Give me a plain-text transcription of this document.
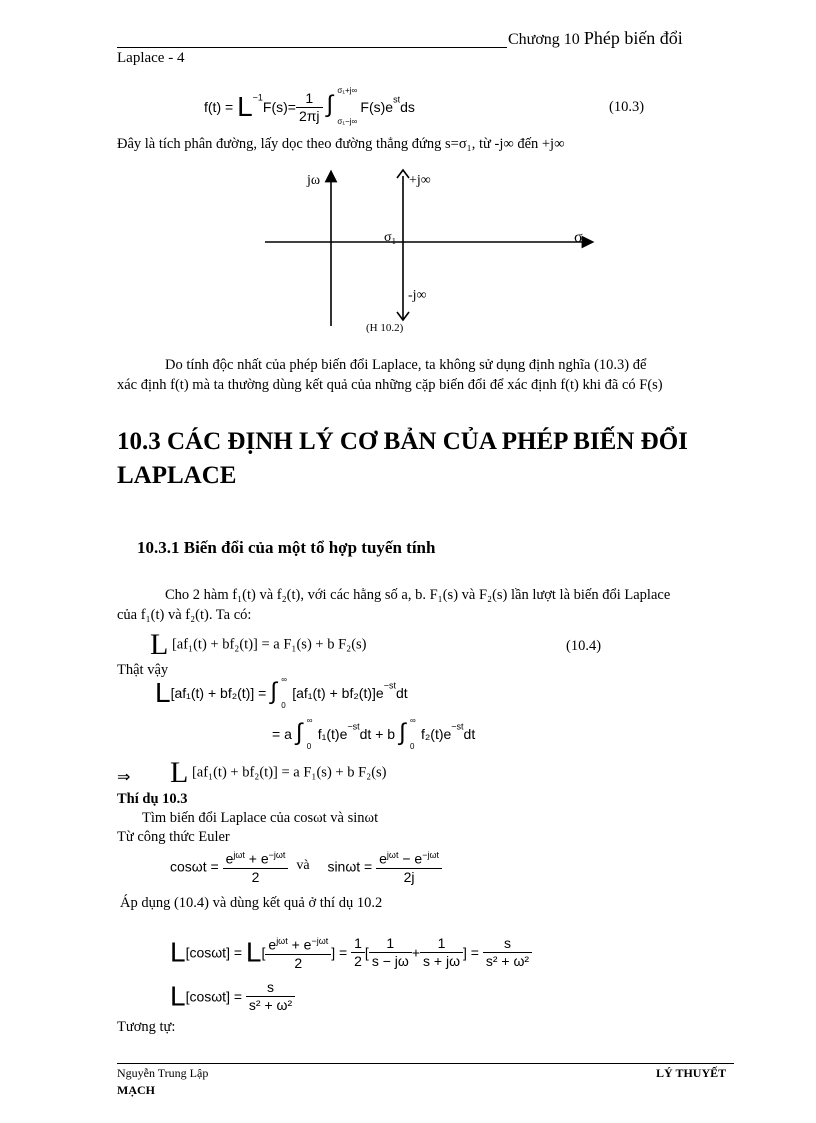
Chương 10 Phép biến đổi
Laplace - 4
$f(t) = L^{-1}F(s)= \frac{1}{2\pi j}$
∫
σ₁+j∞
σ₁−j∞
$F(s)e^{st}ds$	(10.3)
Đây là tích phân đường, lấy dọc theo đường thẳng đứng s=σ₁, từ -j∞ đến +j∞
jω	+j∞
σ₁	σ
-j∞
(H 10.2)
Do tính độc nhất của phép biến đổi Laplace, ta không sử dụng định nghĩa (10.3) để
xác định f(t) mà ta thường dùng kết quả của những cặp biến đổi để xác định f(t) khi đã có F(s)
10.3 CÁC ĐỊNH LÝ CƠ BẢN CỦA PHÉP BIẾN ĐỔI
LAPLACE
10.3.1 Biến đổi của một tổ hợp tuyến tính
Cho 2 hàm f₁(t) và f₂(t), với các hằng số a, b. F₁(s) và F₂(s) lần lượt là biến đổi Laplace
của f₁(t) và f₂(t). Ta có:
L [af₁(t) + bf₂(t)] = a F₁(s) + b F₂(s)	(10.4)
Thật vậy
L[af₁(t) + bf₂(t)] = ∫ ∞
0
$[af_1(t) + bf_2(t)]e^{-st}dt$
= a ∫ ∞
0
$f_1(t)e^{-st}dt + b$ ∫ ∞
0
$f_2(t)e^{-st}dt$
⇒ L [af₁(t) + bf₂(t)] = a F₁(s) + b F₂(s)
Thí dụ 10.3
Tìm biến đổi Laplace của cosωt và sinωt
Từ công thức Euler
$\cos\omega t = \frac{e^{j\omega t} + e^{-j\omega t}}{2}$ và $\sin\omega t = \frac{e^{j\omega t} - e^{-j\omega t}}{2j}$
Áp dụng (10.4) và dùng kết quả ở thí dụ 10.2
$L[\cos\omega t] = L[ \frac{e^{j\omega t} + e^{-j\omega t}}{2}$ ] = $\frac{1}{2}$ [ $\frac{1}{s - j\omega} + \frac{1}{s + j\omega}$ ] = $\frac{s}{\text{s² + ω²}}$
$L[\cos\omega t] = \frac{s}{\text{s² + ω²}}$
Tương tự:
Nguyễn Trung Lập	LÝ THUYẾT
MẠCH
